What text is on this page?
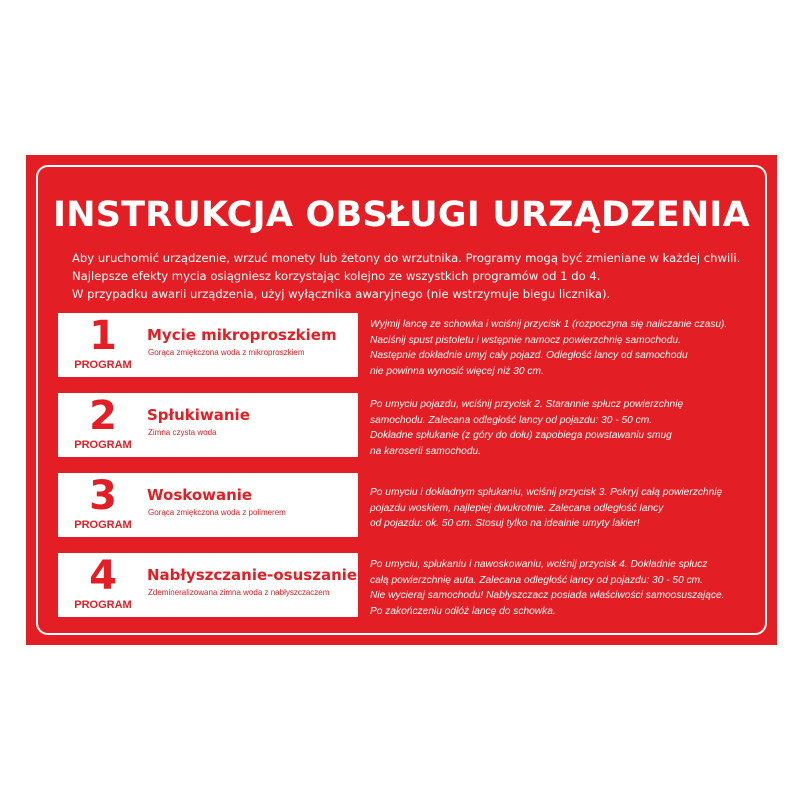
INSTRUKCJA OBSŁUGI URZĄDZENIA
Aby uruchomić urządzenie, wrzuć monety lub żetony do wrzutnika. Programy mogą być zmieniane w każdej chwili.
Najlepsze efekty mycia osiągniesz korzystając kolejno ze wszystkich programów od 1 do 4.
W przypadku awarii urządzenia, użyj wyłącznika awaryjnego (nie wstrzymuje biegu licznika).
1
PROGRAM
Mycie mikroproszkiem
Gorąca zmiękczona woda z mikroproszkiem
Wyjmij lancę ze schowka i wciśnij przycisk 1 (rozpoczyna się naliczanie czasu).
Naciśnij spust pistoletu i wstępnie namocz powierzchnię samochodu.
Następnie dokładnie umyj cały pojazd. Odległość lancy od samochodu
nie powinna wynosić więcej niż 30 cm.
2
PROGRAM
Spłukiwanie
Zimna czysta woda
Po umyciu pojazdu, wciśnij przycisk 2. Starannie spłucz powierzchnię
samochodu. Zalecana odległość lancy od pojazdu: 30 - 50 cm.
Dokładne spłukanie (z góry do dołu) zapobiega powstawaniu smug
na karoserii samochodu.
3
PROGRAM
Woskowanie
Gorąca zmiękczona woda z polimerem
Po umyciu i dokładnym spłukaniu, wciśnij przycisk 3. Pokryj całą powierzchnię
pojazdu woskiem, najlepiej dwukrotnie. Zalecana odległość lancy
od pojazdu: ok. 50 cm. Stosuj tylko na idealnie umyty lakier!
4
PROGRAM
Nabłyszczanie-osuszanie
Zdemineralizowana zimna woda z nabłyszczaczem
Po umyciu, spłukaniu i nawoskowaniu, wciśnij przycisk 4. Dokładnie spłucz
całą powierzchnię auta. Zalecana odległość lancy od pojazdu: 30 - 50 cm.
Nie wycieraj samochodu! Nabłyszczacz posiada właściwości samoosuszające.
Po zakończeniu odłóż lancę do schowka.
